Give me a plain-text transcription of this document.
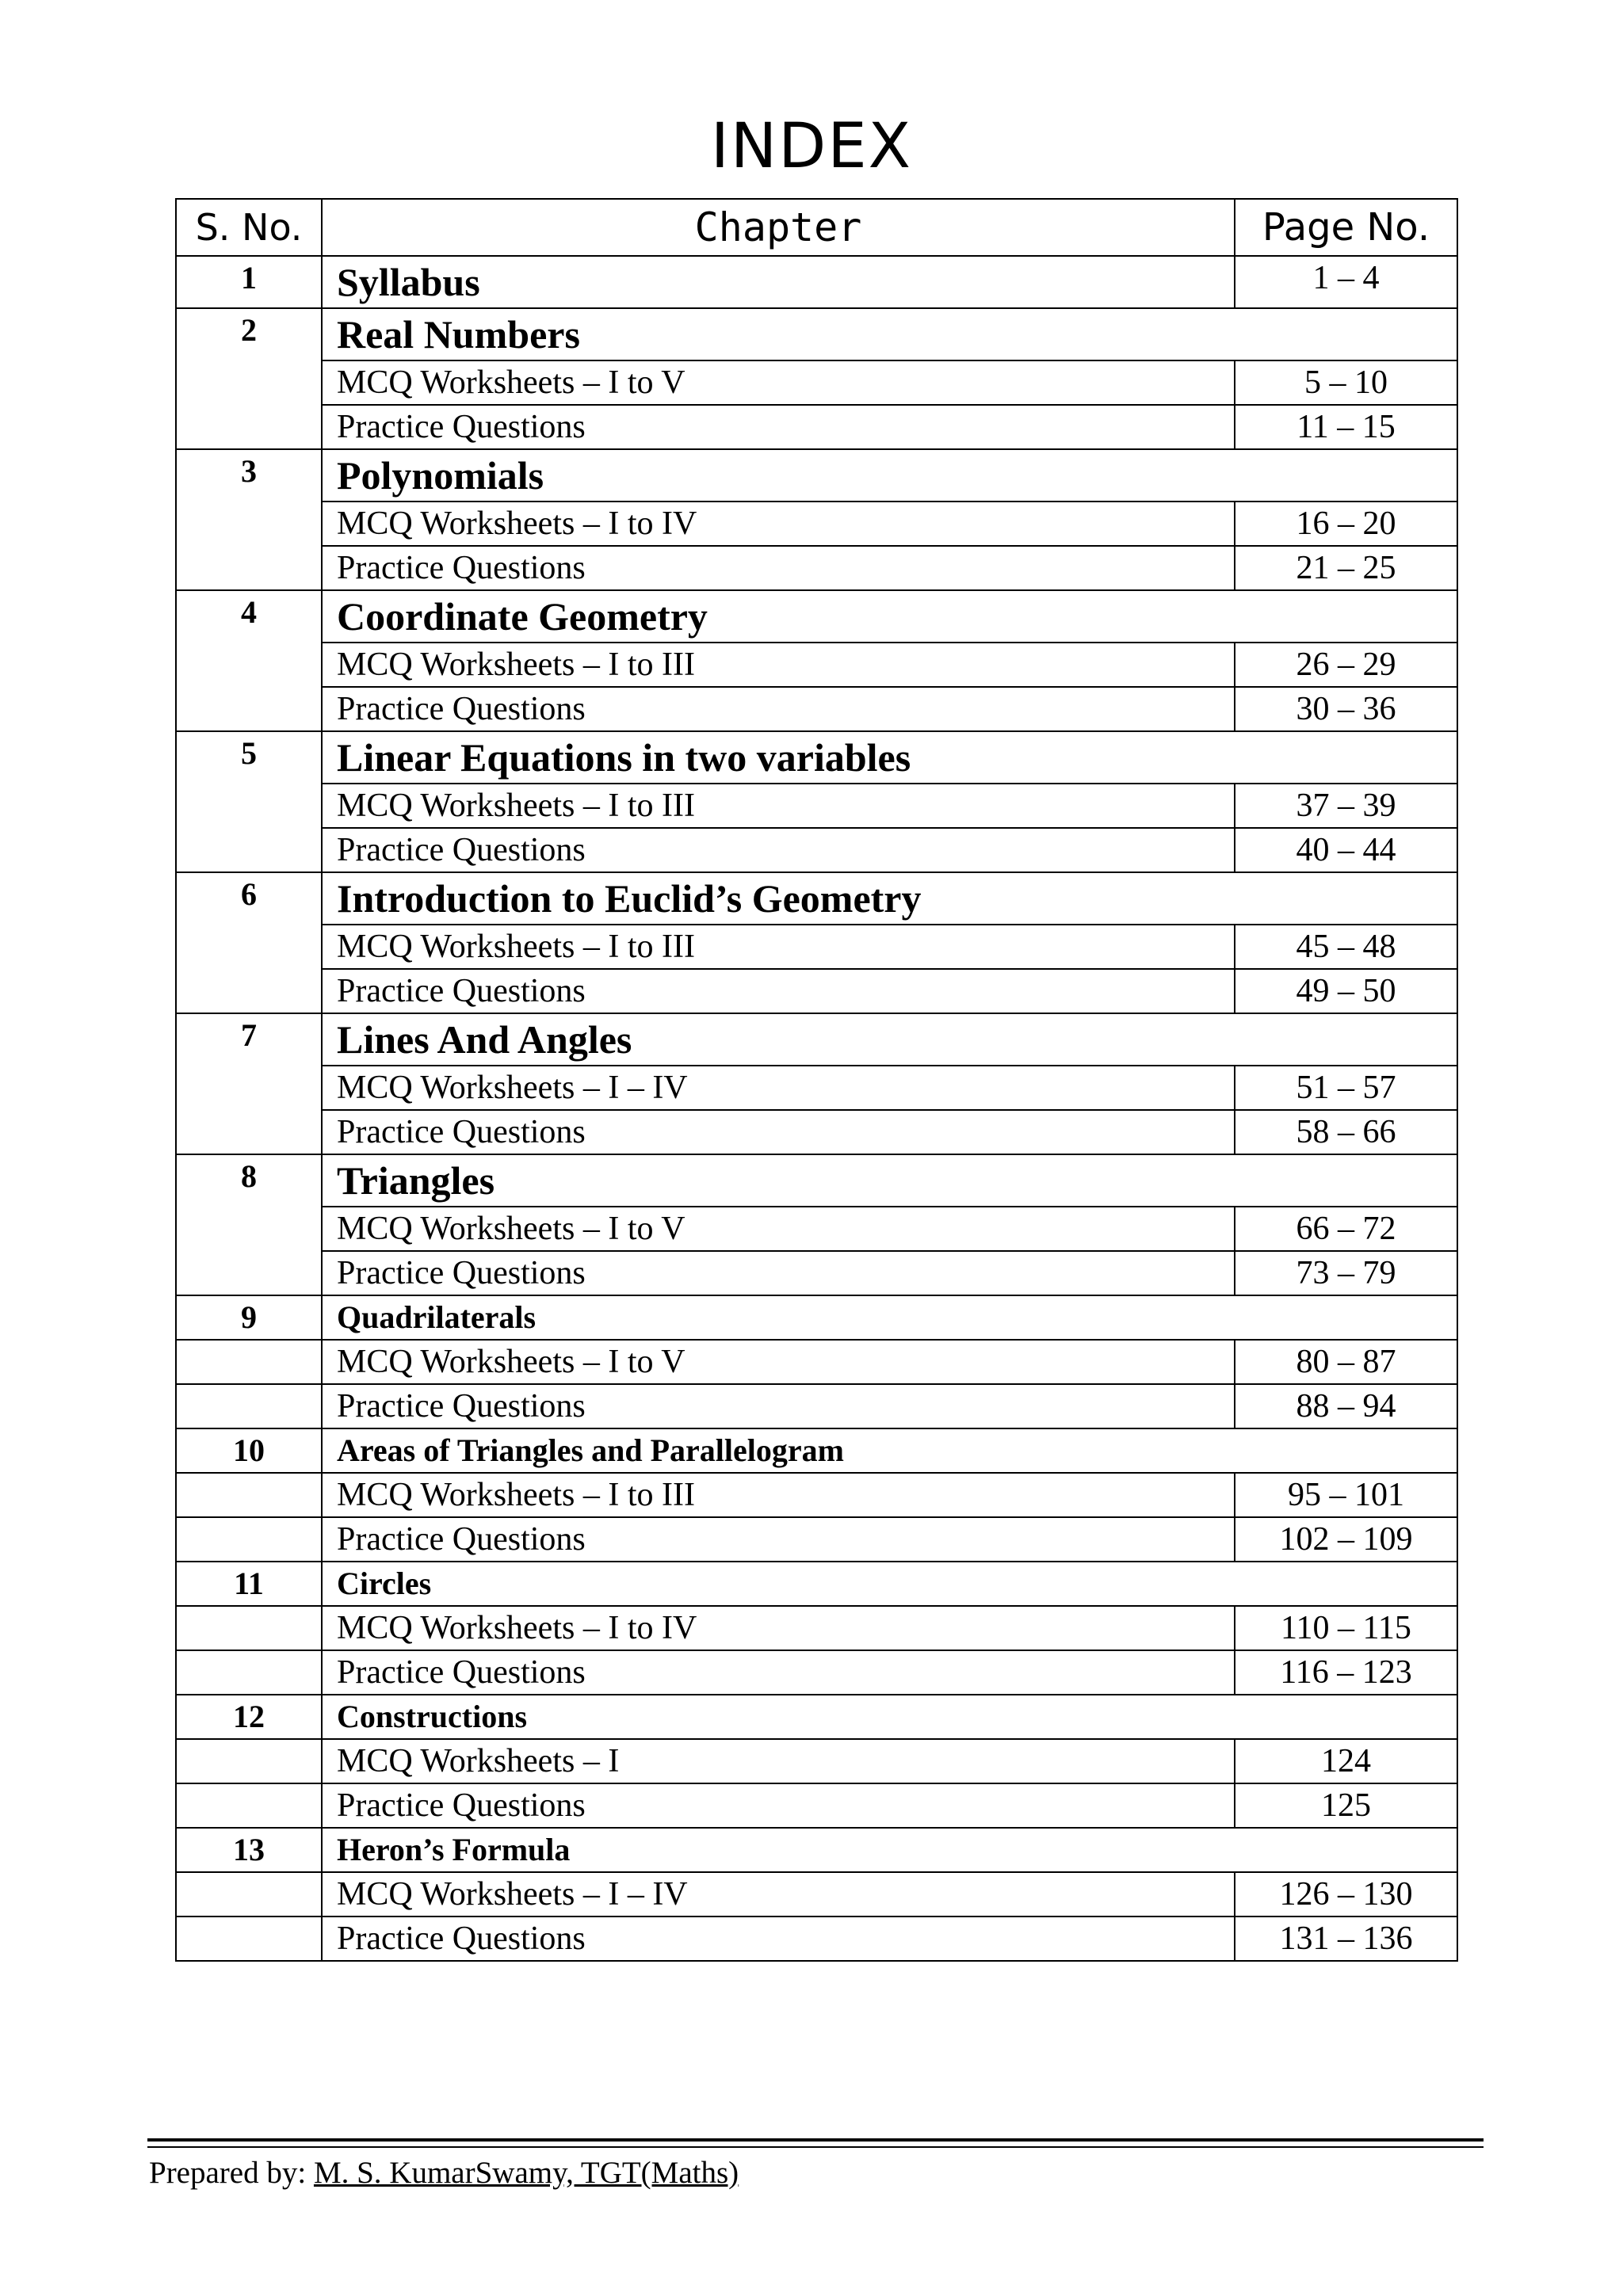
INDEX
S. No.	Chapter	Page No.
1	Syllabus	1 – 4
2	Real Numbers	
	MCQ Worksheets – I to V	5 – 10
	Practice Questions	11 – 15
3	Polynomials	
	MCQ Worksheets – I to IV	16 – 20
	Practice Questions	21 – 25
4	Coordinate Geometry	
	MCQ Worksheets – I to III	26 – 29
	Practice Questions	30 – 36
5	Linear Equations in two variables	
	MCQ Worksheets – I to III	37 – 39
	Practice Questions	40 – 44
6	Introduction to Euclid’s Geometry	
	MCQ Worksheets – I to III	45 – 48
	Practice Questions	49 – 50
7	Lines And Angles	
	MCQ Worksheets – I – IV	51 – 57
	Practice Questions	58 – 66
8	Triangles	
	MCQ Worksheets – I to V	66 – 72
	Practice Questions	73 – 79
9	Quadrilaterals	
	MCQ Worksheets – I to V	80 – 87
	Practice Questions	88 – 94
10	Areas of Triangles and Parallelogram	
	MCQ Worksheets – I to III	95 – 101
	Practice Questions	102 – 109
11	Circles	
	MCQ Worksheets – I to IV	110 – 115
	Practice Questions	116 – 123
12	Constructions	
	MCQ Worksheets – I	124
	Practice Questions	125
13	Heron’s Formula	
	MCQ Worksheets – I – IV	126 – 130
	Practice Questions	131 – 136
Prepared by: M. S. KumarSwamy, TGT(Maths)
